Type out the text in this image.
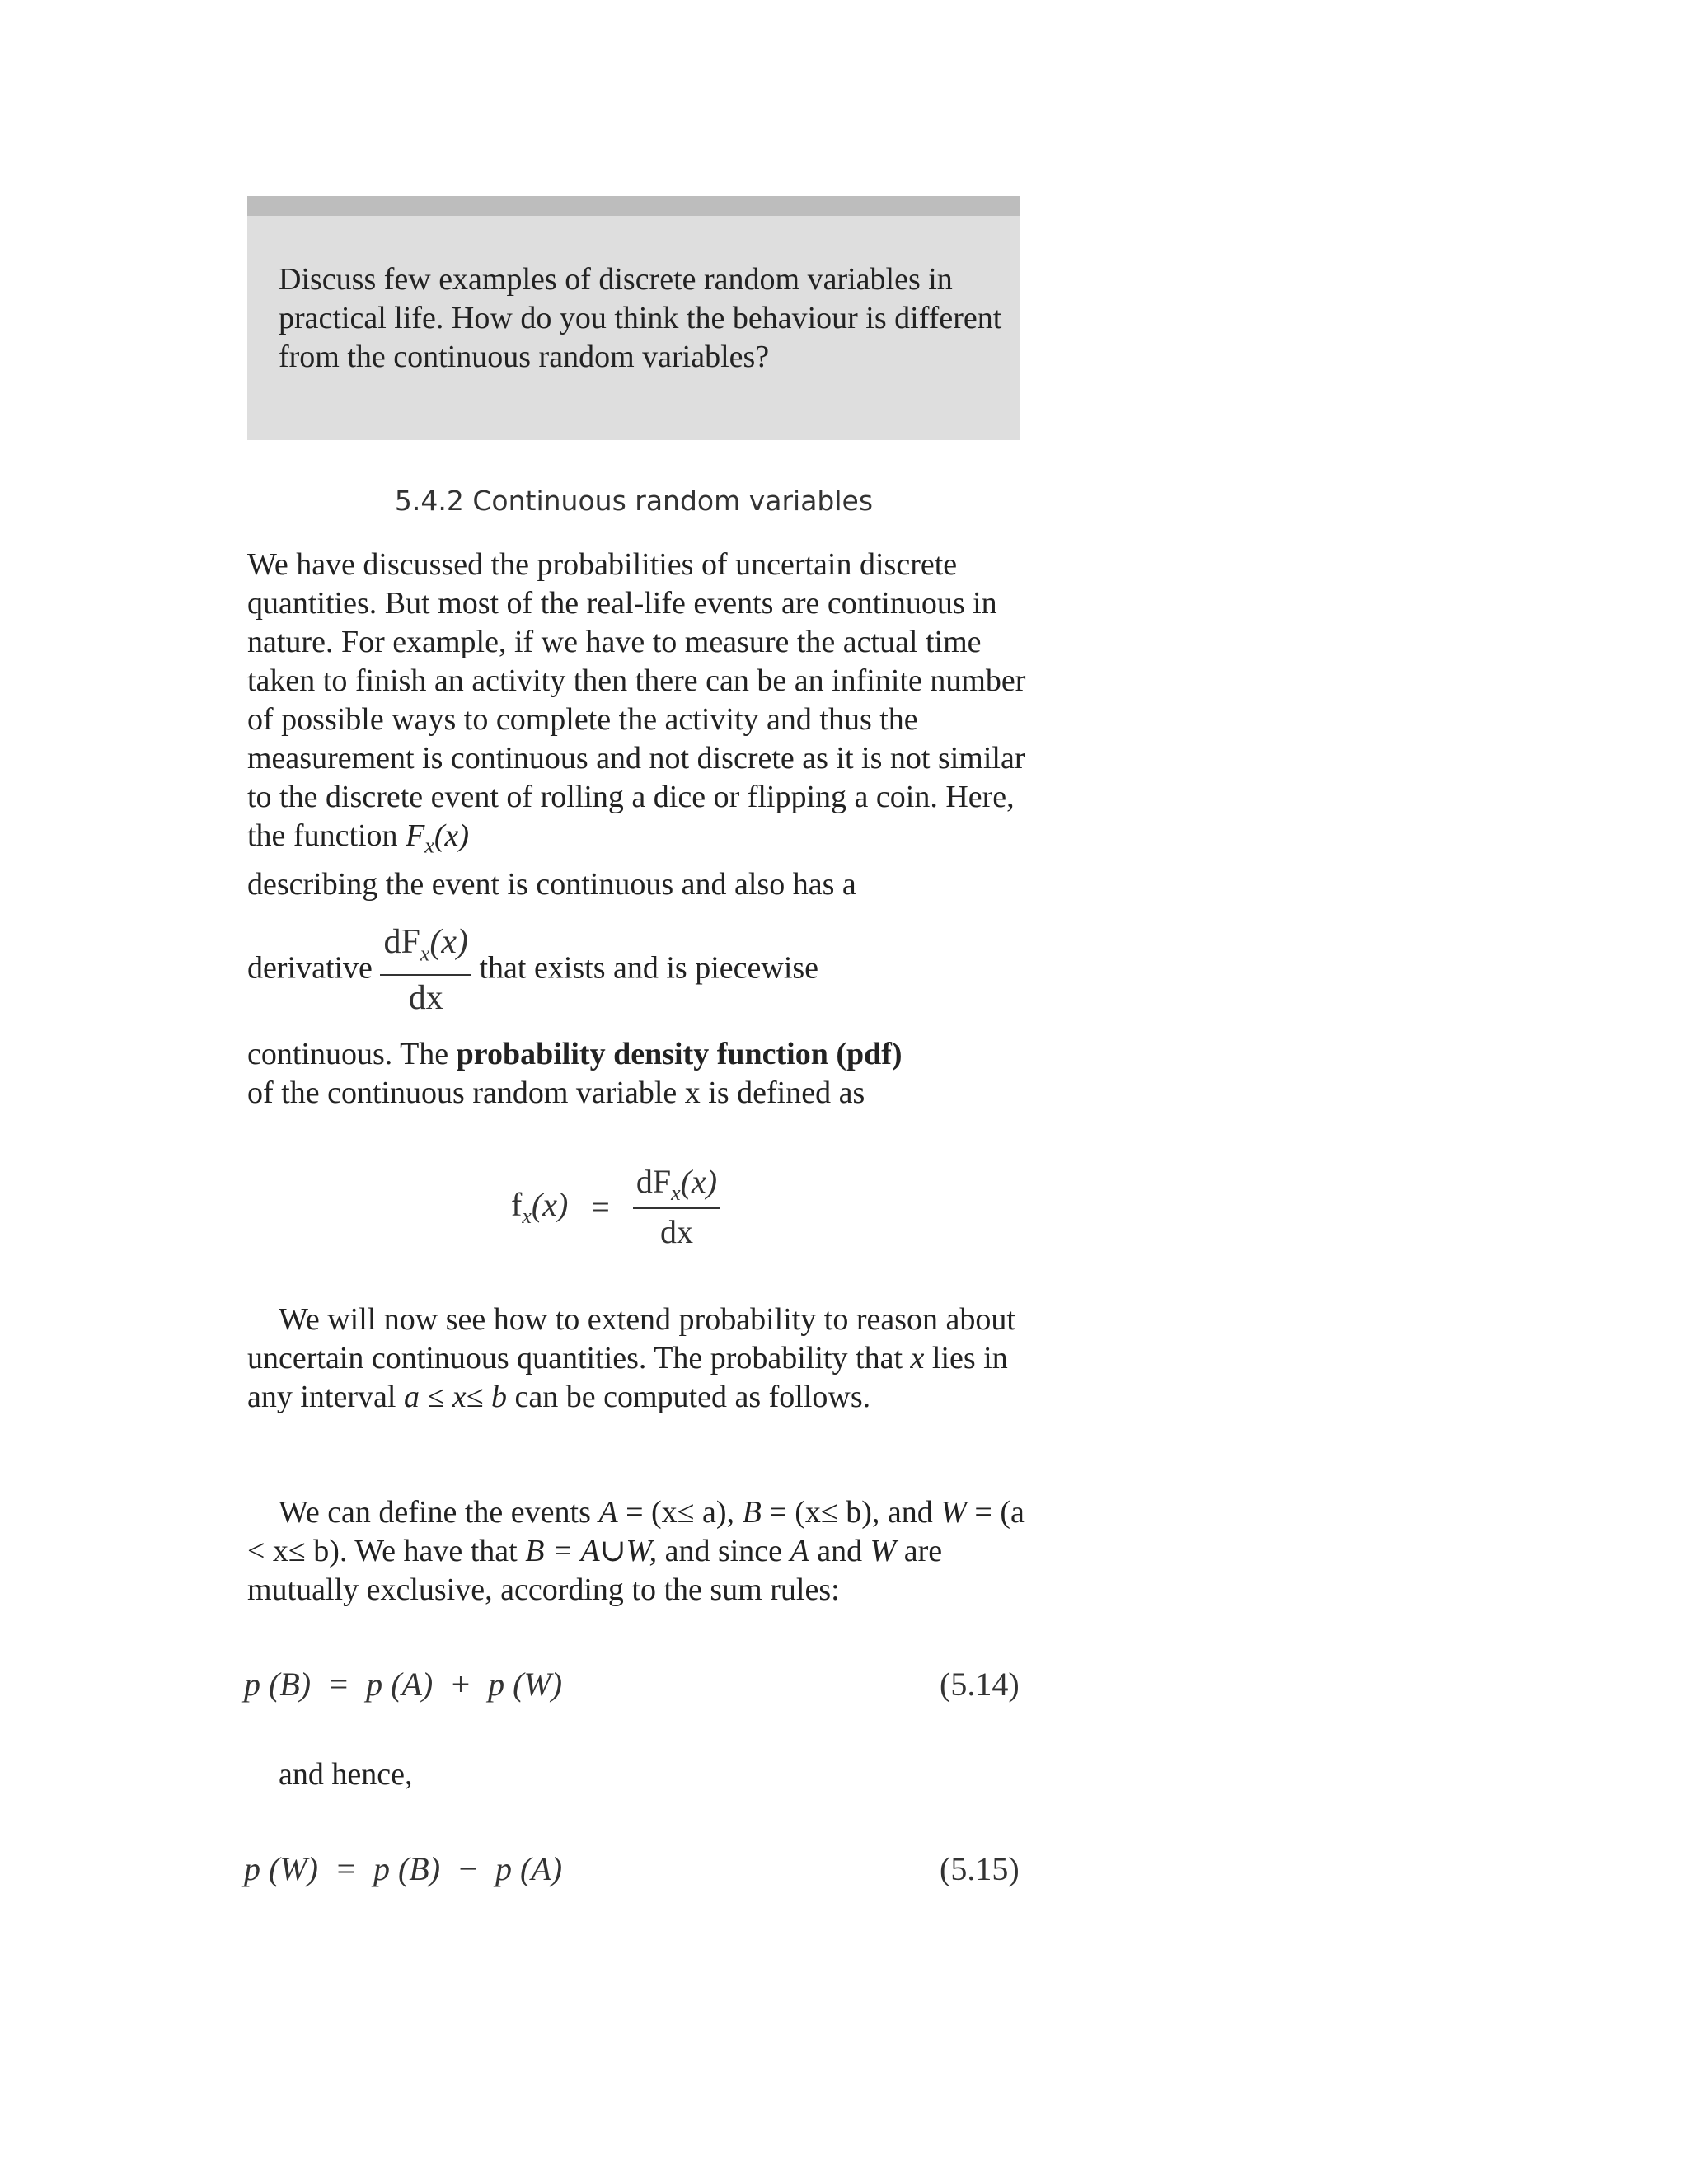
Discuss few examples of discrete random variables in practical life. How do you think the behaviour is different from the continuous random variables?
5.4.2 Continuous random variables
We have discussed the probabilities of uncertain discrete quantities. But most of the real-life events are continuous in nature. For example, if we have to measure the actual time taken to finish an activity then there can be an infinite number of possible ways to complete the activity and thus the measurement is continuous and not discrete as it is not similar to the discrete event of rolling a dice or flipping a coin. Here, the function $F_x(x)$
describing the event is continuous and also has a
derivative $\frac{dF_x(x)}{dx}$ that exists and is piecewise
continuous. The probability density function (pdf)
of the continuous random variable x is defined as
$f_x(x) = \frac{dF_x(x)}{dx}$
We will now see how to extend probability to reason about uncertain continuous quantities. The probability that x lies in any interval a ≤ x≤ b can be computed as follows.
We can define the events A = (x≤ a), B = (x≤ b), and W = (a < x≤ b). We have that B = A∪W, and since A and W are mutually exclusive, according to the sum rules:
p (B)  =  p (A)  +  p (W)	(5.14)
and hence,
p (W)  =  p (B)  −  p (A)	(5.15)
